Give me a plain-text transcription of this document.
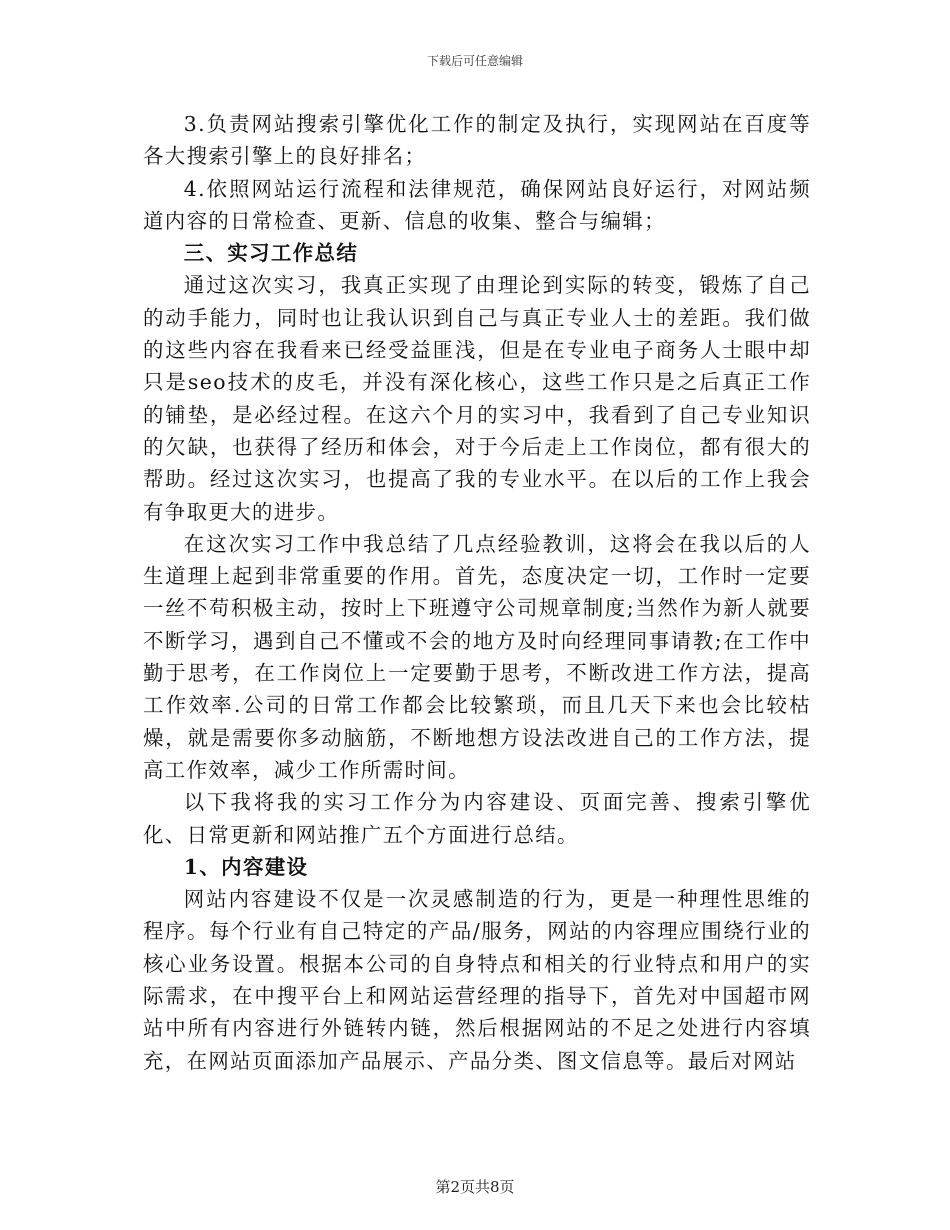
下载后可任意编辑

3.负责网站搜索引擎优化工作的制定及执行，实现网站在百度等各大搜索引擎上的良好排名；

4.依照网站运行流程和法律规范，确保网站良好运行，对网站频道内容的日常检查、更新、信息的收集、整合与编辑；

三、实习工作总结

通过这次实习，我真正实现了由理论到实际的转变，锻炼了自己的动手能力，同时也让我认识到自己与真正专业人士的差距。我们做的这些内容在我看来已经受益匪浅，但是在专业电子商务人士眼中却只是seo技术的皮毛，并没有深化核心，这些工作只是之后真正工作的铺垫，是必经过程。在这六个月的实习中，我看到了自己专业知识的欠缺，也获得了经历和体会，对于今后走上工作岗位，都有很大的帮助。经过这次实习，也提高了我的专业水平。在以后的工作上我会有争取更大的进步。

在这次实习工作中我总结了几点经验教训，这将会在我以后的人生道理上起到非常重要的作用。首先，态度决定一切，工作时一定要一丝不苟积极主动，按时上下班遵守公司规章制度;当然作为新人就要不断学习，遇到自己不懂或不会的地方及时向经理同事请教;在工作中勤于思考，在工作岗位上一定要勤于思考，不断改进工作方法，提高工作效率.公司的日常工作都会比较繁琐，而且几天下来也会比较枯燥，就是需要你多动脑筋，不断地想方设法改进自己的工作方法，提高工作效率，减少工作所需时间。

以下我将我的实习工作分为内容建设、页面完善、搜索引擎优化、日常更新和网站推广五个方面进行总结。

1、内容建设

网站内容建设不仅是一次灵感制造的行为，更是一种理性思维的程序。每个行业有自己特定的产品/服务，网站的内容理应围绕行业的核心业务设置。根据本公司的自身特点和相关的行业特点和用户的实际需求，在中搜平台上和网站运营经理的指导下，首先对中国超市网站中所有内容进行外链转内链，然后根据网站的不足之处进行内容填充，在网站页面添加产品展示、产品分类、图文信息等。最后对网站

第2页共8页
